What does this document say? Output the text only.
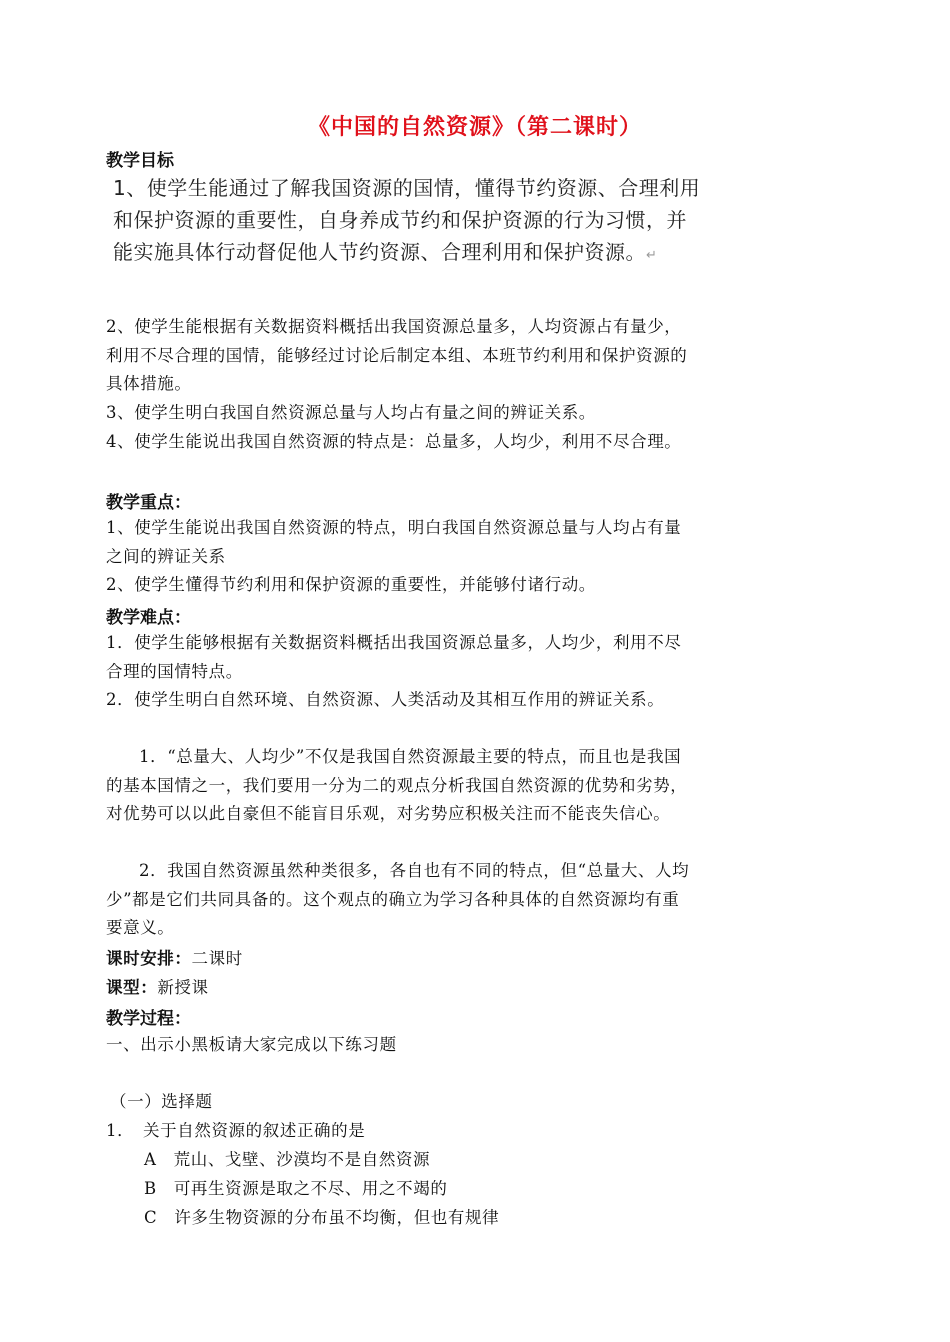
《中国的自然资源》（第二课时）
教学目标

1、使学生能通过了解我国资源的国情，懂得节约资源、合理利用和保护资源的重要性，自身养成节约和保护资源的行为习惯，并能实施具体行动督促他人节约资源、合理利用和保护资源。↵

2、使学生能根据有关数据资料概括出我国资源总量多，人均资源占有量少，利用不尽合理的国情，能够经过讨论后制定本组、本班节约利用和保护资源的具体措施。

3、使学生明白我国自然资源总量与人均占有量之间的辨证关系。

4、使学生能说出我国自然资源的特点是：总量多，人均少，利用不尽合理。

教学重点：

1、使学生能说出我国自然资源的特点，明白我国自然资源总量与人均占有量之间的辨证关系

2、使学生懂得节约利用和保护资源的重要性，并能够付诸行动。

教学难点：

1．使学生能够根据有关数据资料概括出我国资源总量多，人均少，利用不尽合理的国情特点。

2．使学生明白自然环境、自然资源、人类活动及其相互作用的辨证关系。

1．“总量大、人均少”不仅是我国自然资源最主要的特点，而且也是我国的基本国情之一，我们要用一分为二的观点分析我国自然资源的优势和劣势，对优势可以以此自豪但不能盲目乐观，对劣势应积极关注而不能丧失信心。

2．我国自然资源虽然种类很多，各自也有不同的特点，但“总量大、人均少”都是它们共同具备的。这个观点的确立为学习各种具体的自然资源均有重要意义。

课时安排：二课时

课型：新授课

教学过程：

一、出示小黑板请大家完成以下练习题

（一）选择题

1．　关于自然资源的叙述正确的是

A　荒山、戈壁、沙漠均不是自然资源

B　可再生资源是取之不尽、用之不竭的

C　许多生物资源的分布虽不均衡，但也有规律
